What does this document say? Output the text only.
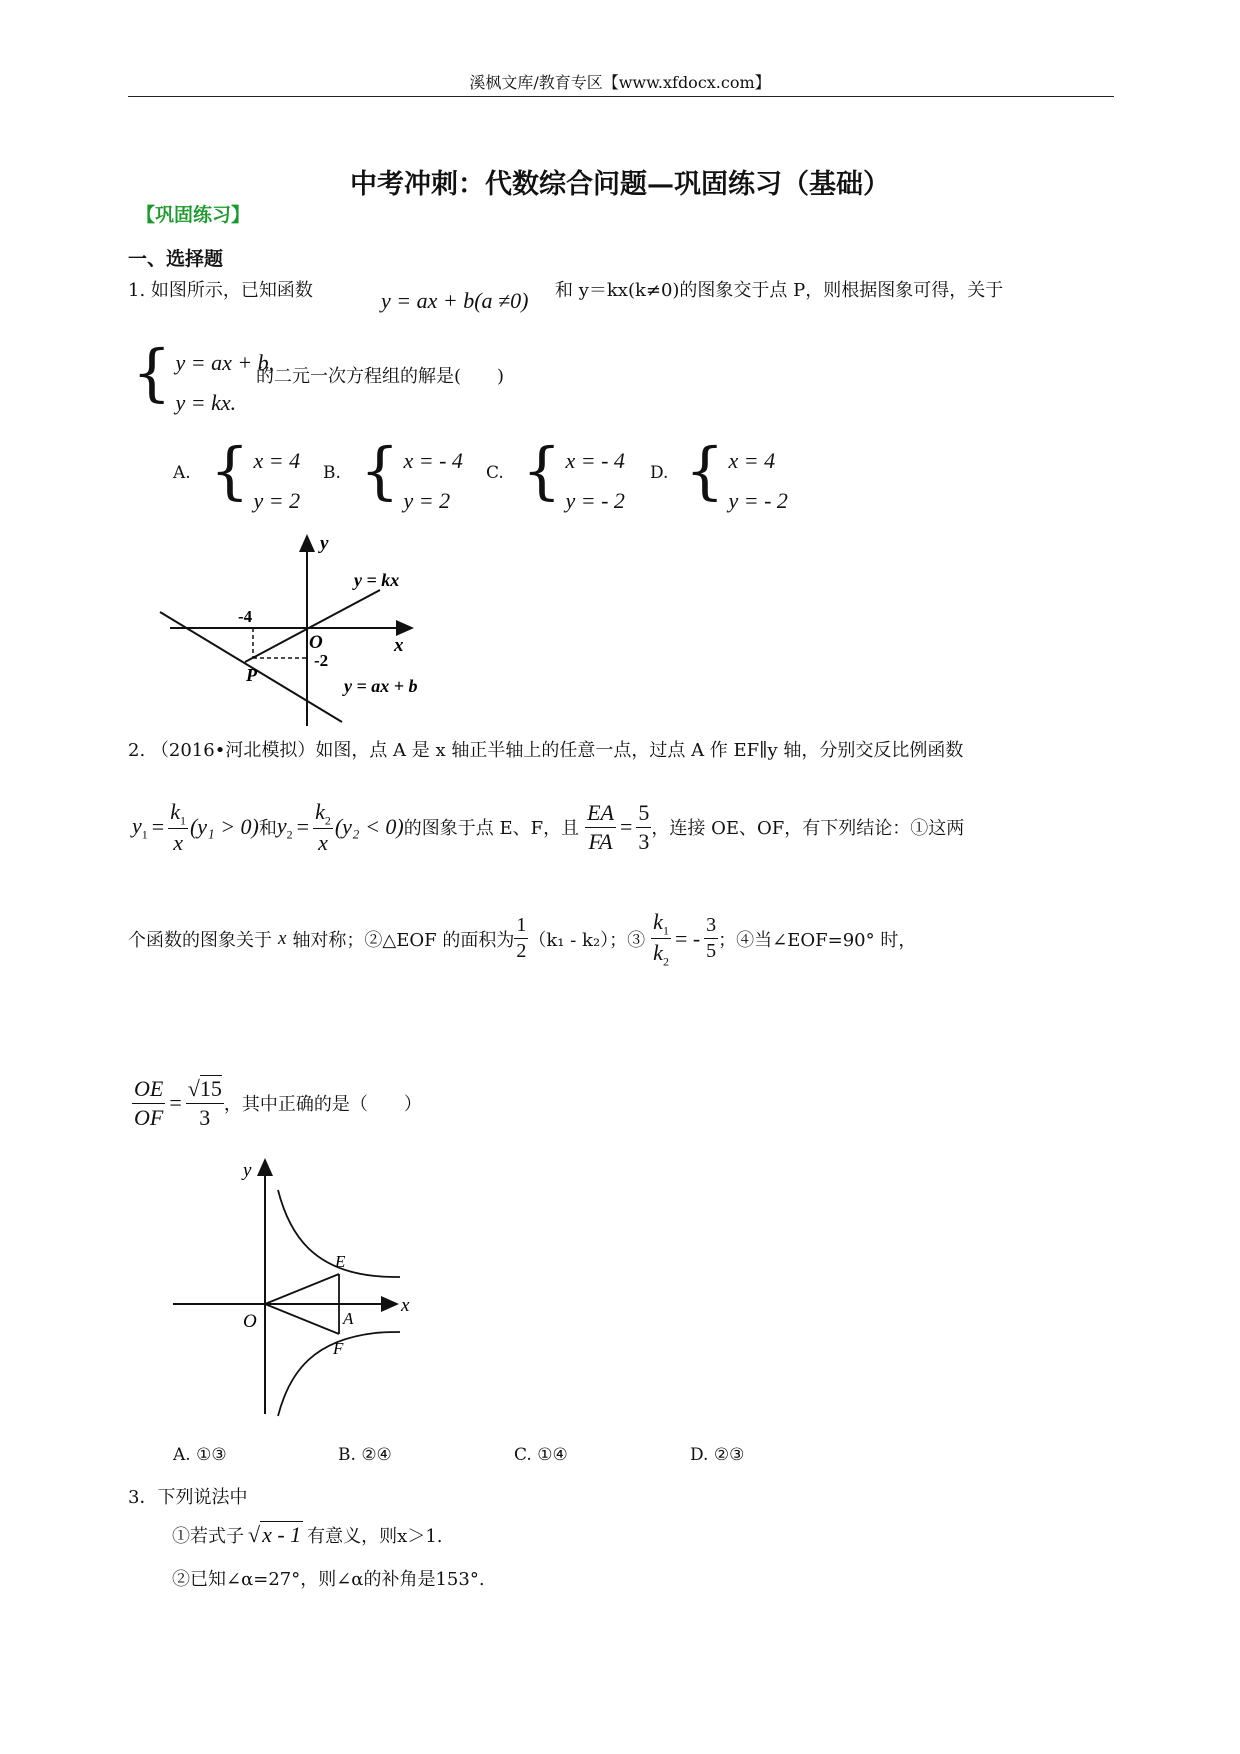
溪枫文库/教育专区【www.xfdocx.com】
中考冲刺：代数综合问题—巩固练习（基础）
【巩固练习】
一、选择题
1. 如图所示，已知函数	y = ax + b(a ≠0) 和 y＝kx(k≠0)的图象交于点 P，则根据图象可得，关于
{ y = ax + b,
y = kx.
的二元一次方程组的解是(　　)
A. { x = 4
y = 2
B. { x = - 4
y = 2
C. { x = - 4
y = - 2
D. { x = 4
y = - 2
y
x
O
y = kx
y = ax + b
-4
-2
P
2. （2016•河北模拟）如图，点 A 是 x 轴正半轴上的任意一点，过点 A 作 EF∥y 轴，分别交反比例函数
$y_1 = \frac{k_1}{x} (y_1 > 0)$ 和 $y_2 = \frac{k_2}{x} (y_2 < 0)$ 的图象于点 E、F，且 $\frac{EA}{FA} = \frac{5}{3}$ ，连接 OE、OF，有下列结论：①这两
个函数的图象关于 x 轴对称；②△EOF 的面积为 $\frac{1}{2} (k_1 - k_2)$；③ $\frac{k_1}{k_2}$ = - $\frac{3}{5}$ ；④当∠EOF=90° 时，
$\frac{OE}{OF} = \frac{√15}{3}$ ，其中正确的是（　　）
y
x
O
E
A
F
A. ①③	B. ②④	C. ①④	D. ②③
3．下列说法中
①若式子 √x - 1 有意义，则x＞1.
②已知∠α=27°，则∠α的补角是153°.
